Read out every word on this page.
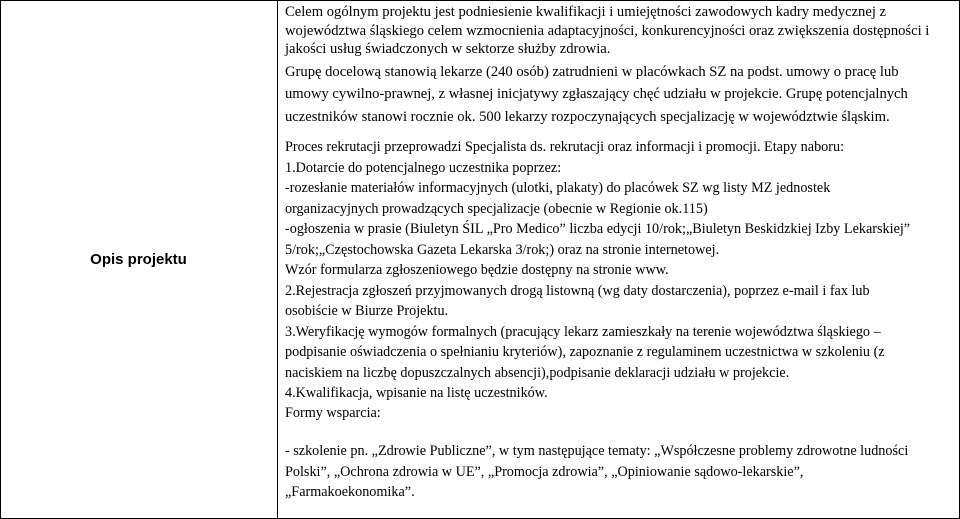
Opis projektu
Celem ogólnym projektu jest podniesienie kwalifikacji i umiejętności zawodowych kadry medycznej z
województwa śląskiego celem wzmocnienia adaptacyjności, konkurencyjności oraz zwiększenia dostępności i
jakości usług świadczonych w sektorze służby zdrowia.
Grupę docelową stanowią lekarze (240 osób) zatrudnieni w placówkach SZ na podst. umowy o pracę lub
umowy cywilno-prawnej, z własnej inicjatywy zgłaszający chęć udziału w projekcie. Grupę potencjalnych
uczestników stanowi rocznie ok. 500 lekarzy rozpoczynających specjalizację w województwie śląskim.
Proces rekrutacji przeprowadzi Specjalista ds. rekrutacji oraz informacji i promocji. Etapy naboru:
1.Dotarcie do potencjalnego uczestnika poprzez:
-rozesłanie materiałów informacyjnych (ulotki, plakaty) do placówek SZ wg listy MZ jednostek
organizacyjnych prowadzących specjalizacje (obecnie w Regionie ok.115)
-ogłoszenia w prasie (Biuletyn ŚIL „Pro Medico” liczba edycji 10/rok;„Biuletyn Beskidzkiej Izby Lekarskiej”
5/rok;„Częstochowska Gazeta Lekarska 3/rok;) oraz na stronie internetowej.
Wzór formularza zgłoszeniowego będzie dostępny na stronie www.
2.Rejestracja zgłoszeń przyjmowanych drogą listowną (wg daty dostarczenia), poprzez e-mail i fax lub
osobiście w Biurze Projektu.
3.Weryfikację wymogów formalnych (pracujący lekarz zamieszkały na terenie województwa śląskiego –
podpisanie oświadczenia o spełnianiu kryteriów), zapoznanie z regulaminem uczestnictwa w szkoleniu (z
naciskiem na liczbę dopuszczalnych absencji),podpisanie deklaracji udziału w projekcie.
4.Kwalifikacja, wpisanie na listę uczestników.
Formy wsparcia:
- szkolenie pn. „Zdrowie Publiczne”, w tym następujące tematy: „Współczesne problemy zdrowotne ludności
Polski”, „Ochrona zdrowia w UE”, „Promocja zdrowia”, „Opiniowanie sądowo-lekarskie”,
„Farmakoekonomika”.
